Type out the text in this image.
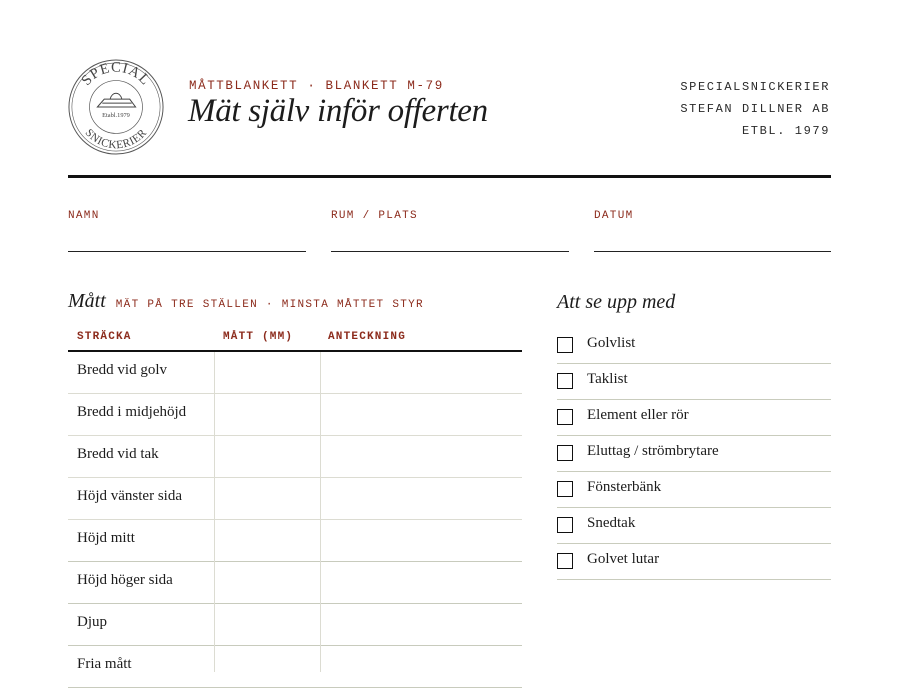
SPECIAL
SNICKERIER
Etabl.1979
MÅTTBLANKETT · BLANKETT M-79
Mät själv inför offerten
SPECIALSNICKERIER
STEFAN DILLNER AB
ETBL. 1979
NAMN	RUM / PLATS	DATUM
Mått MÄT PÅ TRE STÄLLEN · MINSTA MÅTTET STYR
STRÄCKA	MÅTT (MM)	ANTECKNING
Bredd vid golv
Bredd i midjehöjd
Bredd vid tak
Höjd vänster sida
Höjd mitt
Höjd höger sida
Djup
Fria mått
Att se upp med
Golvlist
Taklist
Element eller rör
Eluttag / strömbrytare
Fönsterbänk
Snedtak
Golvet lutar
